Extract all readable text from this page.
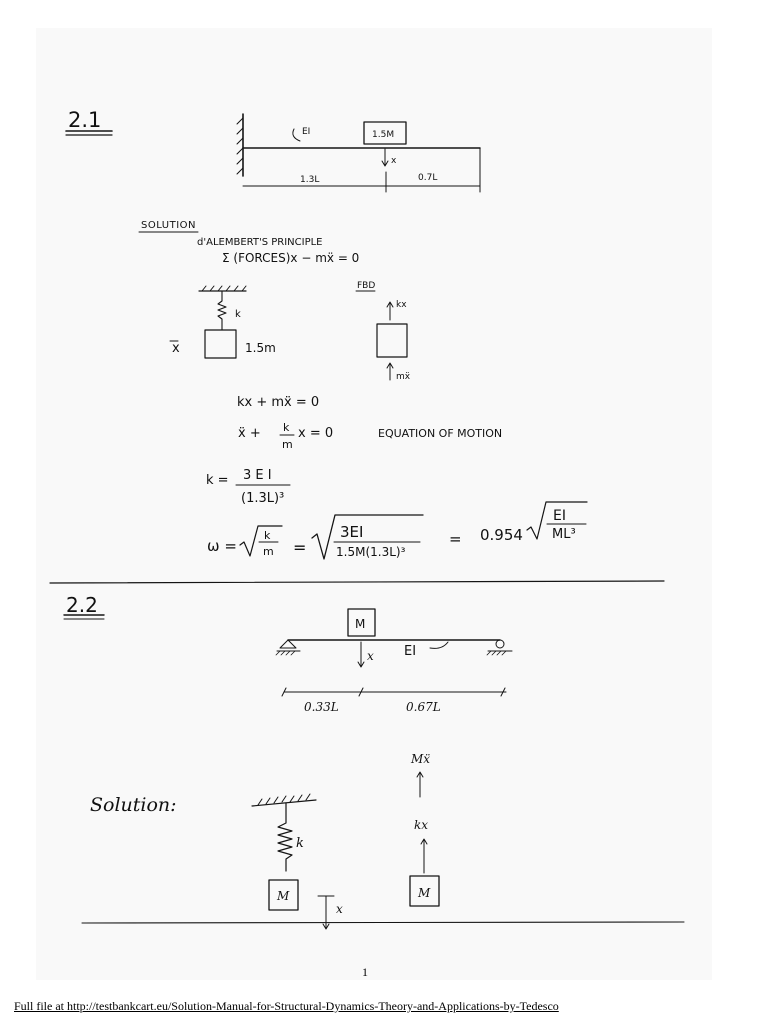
2.1
1.5M
EI
x
1.3L	0.7L
SOLUTION
d'ALEMBERT'S PRINCIPLE
Σ (FORCES)x − mẍ = 0
k
1.5m
x
FBD
kx
mẍ
kx + mẍ = 0
ẍ + k
m
x = 0	EQUATION OF MOTION
k = 3 E I
(1.3L)³
ω =
k
m =
3EI
1.5M(1.3L)³
= 0.954
EI
ML³
2.2
M
x EI
0.33L	0.67L
Solution:
k
M
x
Mẍ
kx
M
1
Full file at http://testbankcart.eu/Solution-Manual-for-Structural-Dynamics-Theory-and-Applications-by-Tedesco
